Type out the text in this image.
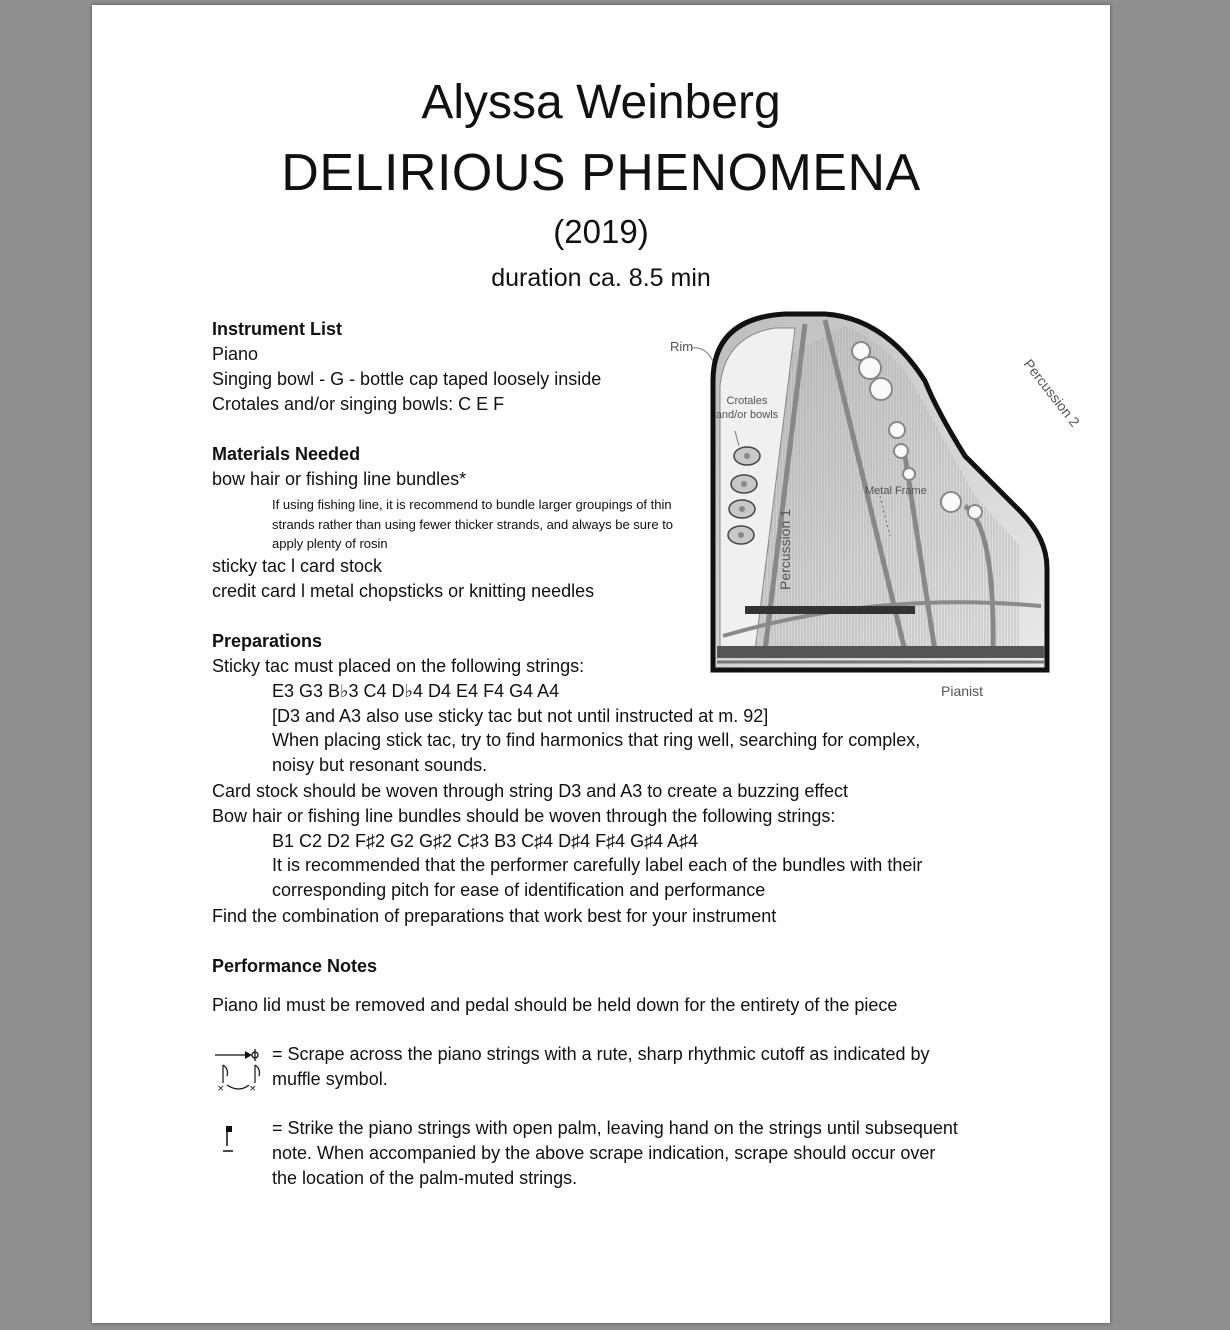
Alyssa Weinberg
DELIRIOUS PHENOMENA
(2019)
duration ca. 8.5 min
Instrument List
Piano
Singing bowl - G - bottle cap taped loosely inside
Crotales and/or singing bowls: C E F
Materials Needed
bow hair or fishing line bundles*
If using fishing line, it is recommend to bundle larger groupings of thin strands rather than using fewer thicker strands, and always be sure to apply plenty of rosin
sticky tac l card stock
credit card l metal chopsticks or knitting needles
Preparations
Sticky tac must placed on the following strings:
E3 G3 B♭3 C4 D♭4 D4 E4 F4 G4 A4
[D3 and A3 also use sticky tac but not until instructed at m. 92]
When placing stick tac, try to find harmonics that ring well, searching for complex, noisy but resonant sounds.
Card stock should be woven through string D3 and A3 to create a buzzing effect
Bow hair or fishing line bundles should be woven through the following strings:
B1 C2 D2 F♯2 G2 G♯2 C♯3 B3 C♯4 D♯4 F♯4 G♯4 A♯4
It is recommended that the performer carefully label each of the bundles with their corresponding pitch for ease of identification and performance
Find the combination of preparations that work best for your instrument
Performance Notes
Piano lid must be removed and pedal should be held down for the entirety of the piece
×	×
= Scrape across the piano strings with a rute, sharp rhythmic cutoff as indicated by muffle symbol.
= Strike the piano strings with open palm, leaving hand on the strings until subsequent note. When accompanied by the above scrape indication, scrape should occur over the location of the palm-muted strings.
Rim
Crotales
and/or bowls
Metal Frame
Percussion 1
Percussion 2
Pianist
